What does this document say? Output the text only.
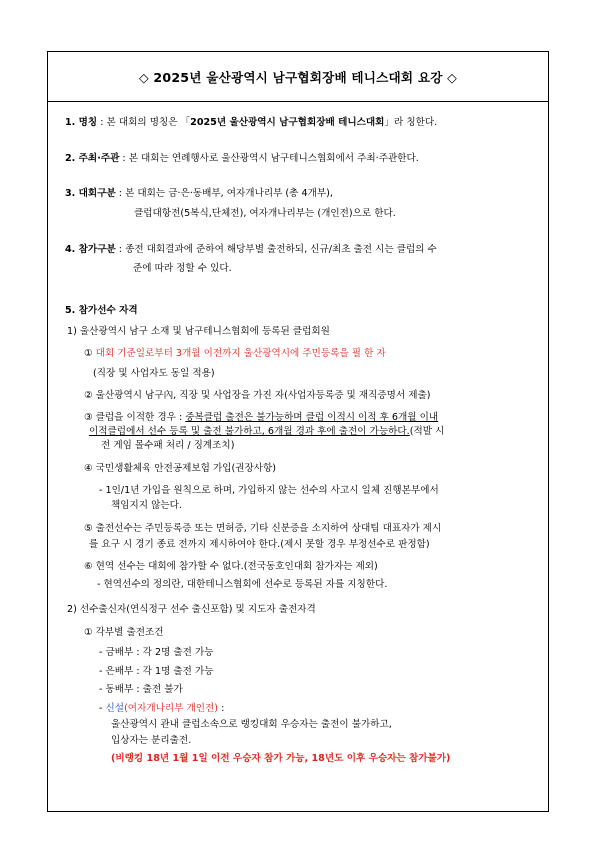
◇ 2025년 울산광역시 남구협회장배 테니스대회 요강 ◇
1. 명칭 : 본 대회의 명칭은 「2025년 울산광역시 남구협회장배 테니스대회」라 칭한다.
2. 주최·주관 : 본 대회는 연례행사로 울산광역시 남구테니스협회에서 주최·주관한다.
3. 대회구분 : 본 대회는 금·은·동배부, 여자개나리부 (총 4개부),
클럽대항전(5복식,단체전), 여자개나리부는 (개인전)으로 한다.
4. 참가구분 : 종전 대회결과에 준하여 해당부별 출전하되, 신규/최초 출전 시는 클럽의 수
준에 따라 정할 수 있다.
5. 참가선수 자격
1) 울산광역시 남구 소재 및 남구테니스협회에 등록된 클럽회원
① 대회 기준일로부터 3개월 이전까지 울산광역시에 주민등록을 필 한 자
(직장 및 사업자도 동일 적용)
② 울산광역시 남구內, 직장 및 사업장을 가진 자(사업자등록증 및 재직증명서 제출)
③ 클럽을 이적한 경우 : 중복클럽 출전은 불가능하며 클럽 이적시 이적 후 6개월 이내
이적클럽에서 선수 등록 및 출전 불가하고, 6개월 경과 후에 출전이 가능하다.(적발 시
전 게임 몰수패 처리 / 징계조치)
④ 국민생활체육 안전공제보험 가입(권장사항)
- 1인/1년 가입을 원칙으로 하며, 가입하지 않는 선수의 사고시 일체 진행본부에서
책임지지 않는다.
⑤ 출전선수는 주민등록증 또는 면허증, 기타 신분증을 소지하여 상대팀 대표자가 제시
를 요구 시 경기 종료 전까지 제시하여야 한다.(제시 못할 경우 부정선수로 판정함)
⑥ 현역 선수는 대회에 참가할 수 없다.(전국동호인대회 참가자는 제외)
- 현역선수의 정의란, 대한테니스협회에 선수로 등록된 자를 지칭한다.
2) 선수출신자(연식정구 선수 출신포함) 및 지도자 출전자격
① 각부별 출전조건
- 금배부 : 각 2명 출전 가능
- 은배부 : 각 1명 출전 가능
- 동배부 : 출전 불가
- 신설(여자개나리부 개인전) :
울산광역시 관내 클럽소속으로 랭킹대회 우승자는 출전이 불가하고,
입상자는 분리출전.
(비랭킹 18년 1월 1일 이전 우승자 참가 가능, 18년도 이후 우승자는 참가불가)
